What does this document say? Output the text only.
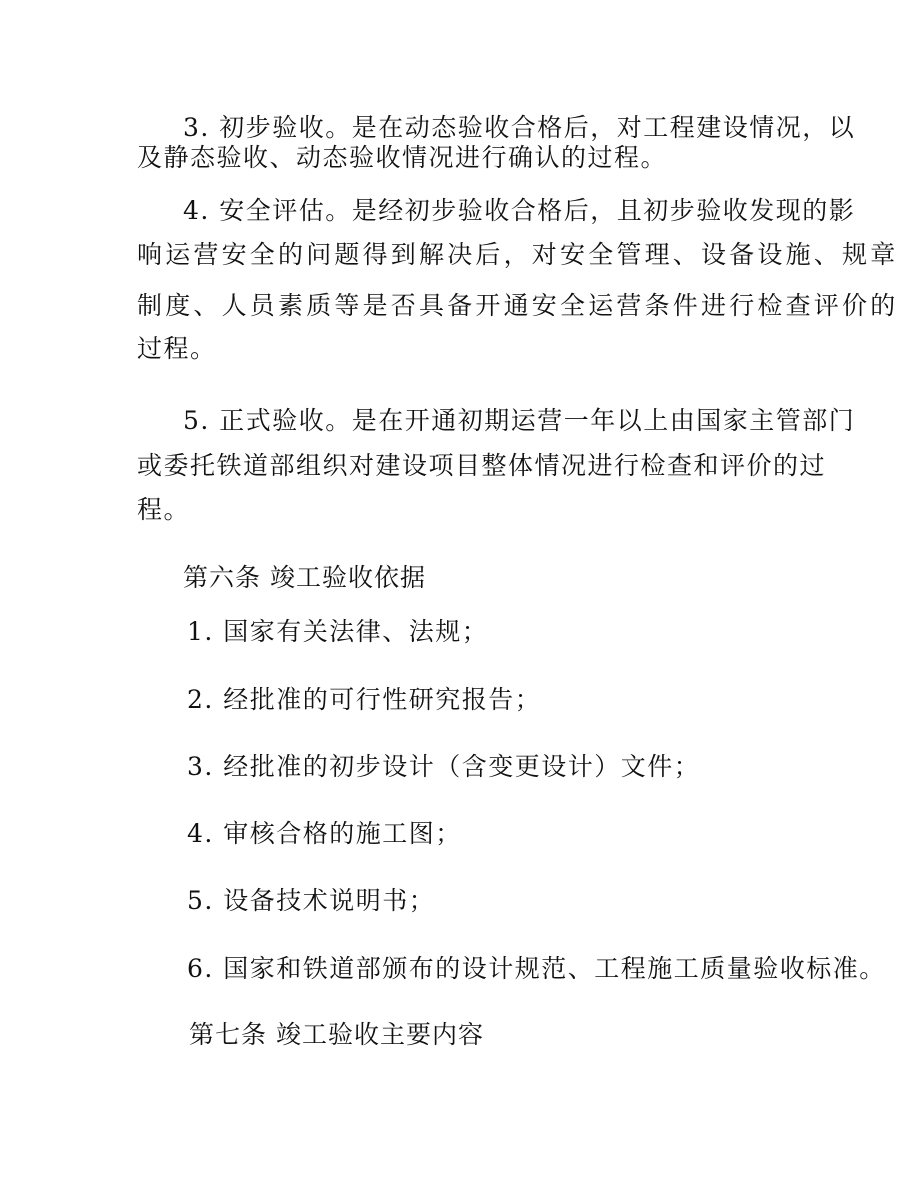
3. 初步验收。是在动态验收合格后，对工程建设情况，以
及静态验收、动态验收情况进行确认的过程。
4. 安全评估。是经初步验收合格后，且初步验收发现的影
响运营安全的问题得到解决后，对安全管理、设备设施、规章
制度、人员素质等是否具备开通安全运营条件进行检查评价的
过程。
5. 正式验收。是在开通初期运营一年以上由国家主管部门
或委托铁道部组织对建设项目整体情况进行检查和评价的过
程。
第六条 竣工验收依据
1. 国家有关法律、法规；
2. 经批准的可行性研究报告；
3. 经批准的初步设计（含变更设计）文件；
4. 审核合格的施工图；
5. 设备技术说明书；
6. 国家和铁道部颁布的设计规范、工程施工质量验收标准。
第七条 竣工验收主要内容
